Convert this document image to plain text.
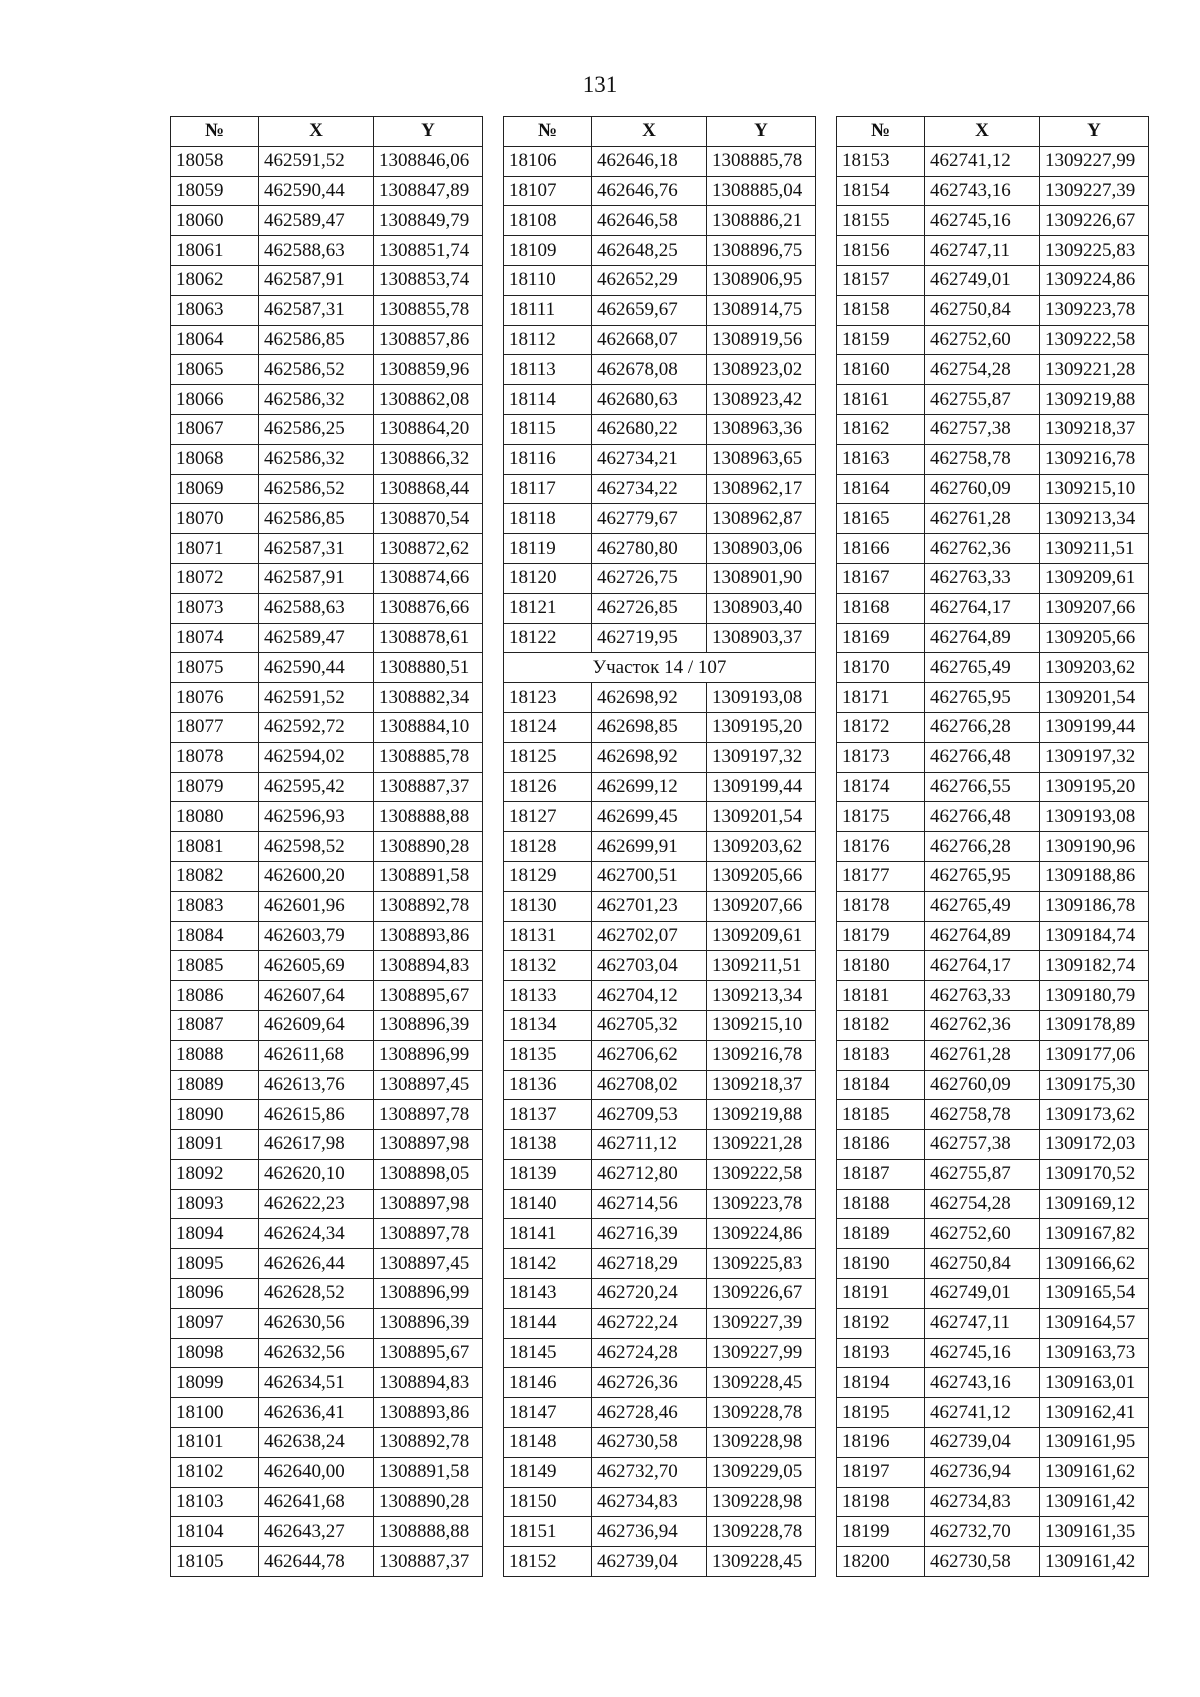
131
№	X	Y
18058	462591,52	1308846,06
18059	462590,44	1308847,89
18060	462589,47	1308849,79
18061	462588,63	1308851,74
18062	462587,91	1308853,74
18063	462587,31	1308855,78
18064	462586,85	1308857,86
18065	462586,52	1308859,96
18066	462586,32	1308862,08
18067	462586,25	1308864,20
18068	462586,32	1308866,32
18069	462586,52	1308868,44
18070	462586,85	1308870,54
18071	462587,31	1308872,62
18072	462587,91	1308874,66
18073	462588,63	1308876,66
18074	462589,47	1308878,61
18075	462590,44	1308880,51
18076	462591,52	1308882,34
18077	462592,72	1308884,10
18078	462594,02	1308885,78
18079	462595,42	1308887,37
18080	462596,93	1308888,88
18081	462598,52	1308890,28
18082	462600,20	1308891,58
18083	462601,96	1308892,78
18084	462603,79	1308893,86
18085	462605,69	1308894,83
18086	462607,64	1308895,67
18087	462609,64	1308896,39
18088	462611,68	1308896,99
18089	462613,76	1308897,45
18090	462615,86	1308897,78
18091	462617,98	1308897,98
18092	462620,10	1308898,05
18093	462622,23	1308897,98
18094	462624,34	1308897,78
18095	462626,44	1308897,45
18096	462628,52	1308896,99
18097	462630,56	1308896,39
18098	462632,56	1308895,67
18099	462634,51	1308894,83
18100	462636,41	1308893,86
18101	462638,24	1308892,78
18102	462640,00	1308891,58
18103	462641,68	1308890,28
18104	462643,27	1308888,88
18105	462644,78	1308887,37
№	X	Y
18106	462646,18	1308885,78
18107	462646,76	1308885,04
18108	462646,58	1308886,21
18109	462648,25	1308896,75
18110	462652,29	1308906,95
18111	462659,67	1308914,75
18112	462668,07	1308919,56
18113	462678,08	1308923,02
18114	462680,63	1308923,42
18115	462680,22	1308963,36
18116	462734,21	1308963,65
18117	462734,22	1308962,17
18118	462779,67	1308962,87
18119	462780,80	1308903,06
18120	462726,75	1308901,90
18121	462726,85	1308903,40
18122	462719,95	1308903,37
Участок 14 / 107		
18123	462698,92	1309193,08
18124	462698,85	1309195,20
18125	462698,92	1309197,32
18126	462699,12	1309199,44
18127	462699,45	1309201,54
18128	462699,91	1309203,62
18129	462700,51	1309205,66
18130	462701,23	1309207,66
18131	462702,07	1309209,61
18132	462703,04	1309211,51
18133	462704,12	1309213,34
18134	462705,32	1309215,10
18135	462706,62	1309216,78
18136	462708,02	1309218,37
18137	462709,53	1309219,88
18138	462711,12	1309221,28
18139	462712,80	1309222,58
18140	462714,56	1309223,78
18141	462716,39	1309224,86
18142	462718,29	1309225,83
18143	462720,24	1309226,67
18144	462722,24	1309227,39
18145	462724,28	1309227,99
18146	462726,36	1309228,45
18147	462728,46	1309228,78
18148	462730,58	1309228,98
18149	462732,70	1309229,05
18150	462734,83	1309228,98
18151	462736,94	1309228,78
18152	462739,04	1309228,45
№	X	Y
18153	462741,12	1309227,99
18154	462743,16	1309227,39
18155	462745,16	1309226,67
18156	462747,11	1309225,83
18157	462749,01	1309224,86
18158	462750,84	1309223,78
18159	462752,60	1309222,58
18160	462754,28	1309221,28
18161	462755,87	1309219,88
18162	462757,38	1309218,37
18163	462758,78	1309216,78
18164	462760,09	1309215,10
18165	462761,28	1309213,34
18166	462762,36	1309211,51
18167	462763,33	1309209,61
18168	462764,17	1309207,66
18169	462764,89	1309205,66
18170	462765,49	1309203,62
18171	462765,95	1309201,54
18172	462766,28	1309199,44
18173	462766,48	1309197,32
18174	462766,55	1309195,20
18175	462766,48	1309193,08
18176	462766,28	1309190,96
18177	462765,95	1309188,86
18178	462765,49	1309186,78
18179	462764,89	1309184,74
18180	462764,17	1309182,74
18181	462763,33	1309180,79
18182	462762,36	1309178,89
18183	462761,28	1309177,06
18184	462760,09	1309175,30
18185	462758,78	1309173,62
18186	462757,38	1309172,03
18187	462755,87	1309170,52
18188	462754,28	1309169,12
18189	462752,60	1309167,82
18190	462750,84	1309166,62
18191	462749,01	1309165,54
18192	462747,11	1309164,57
18193	462745,16	1309163,73
18194	462743,16	1309163,01
18195	462741,12	1309162,41
18196	462739,04	1309161,95
18197	462736,94	1309161,62
18198	462734,83	1309161,42
18199	462732,70	1309161,35
18200	462730,58	1309161,42
